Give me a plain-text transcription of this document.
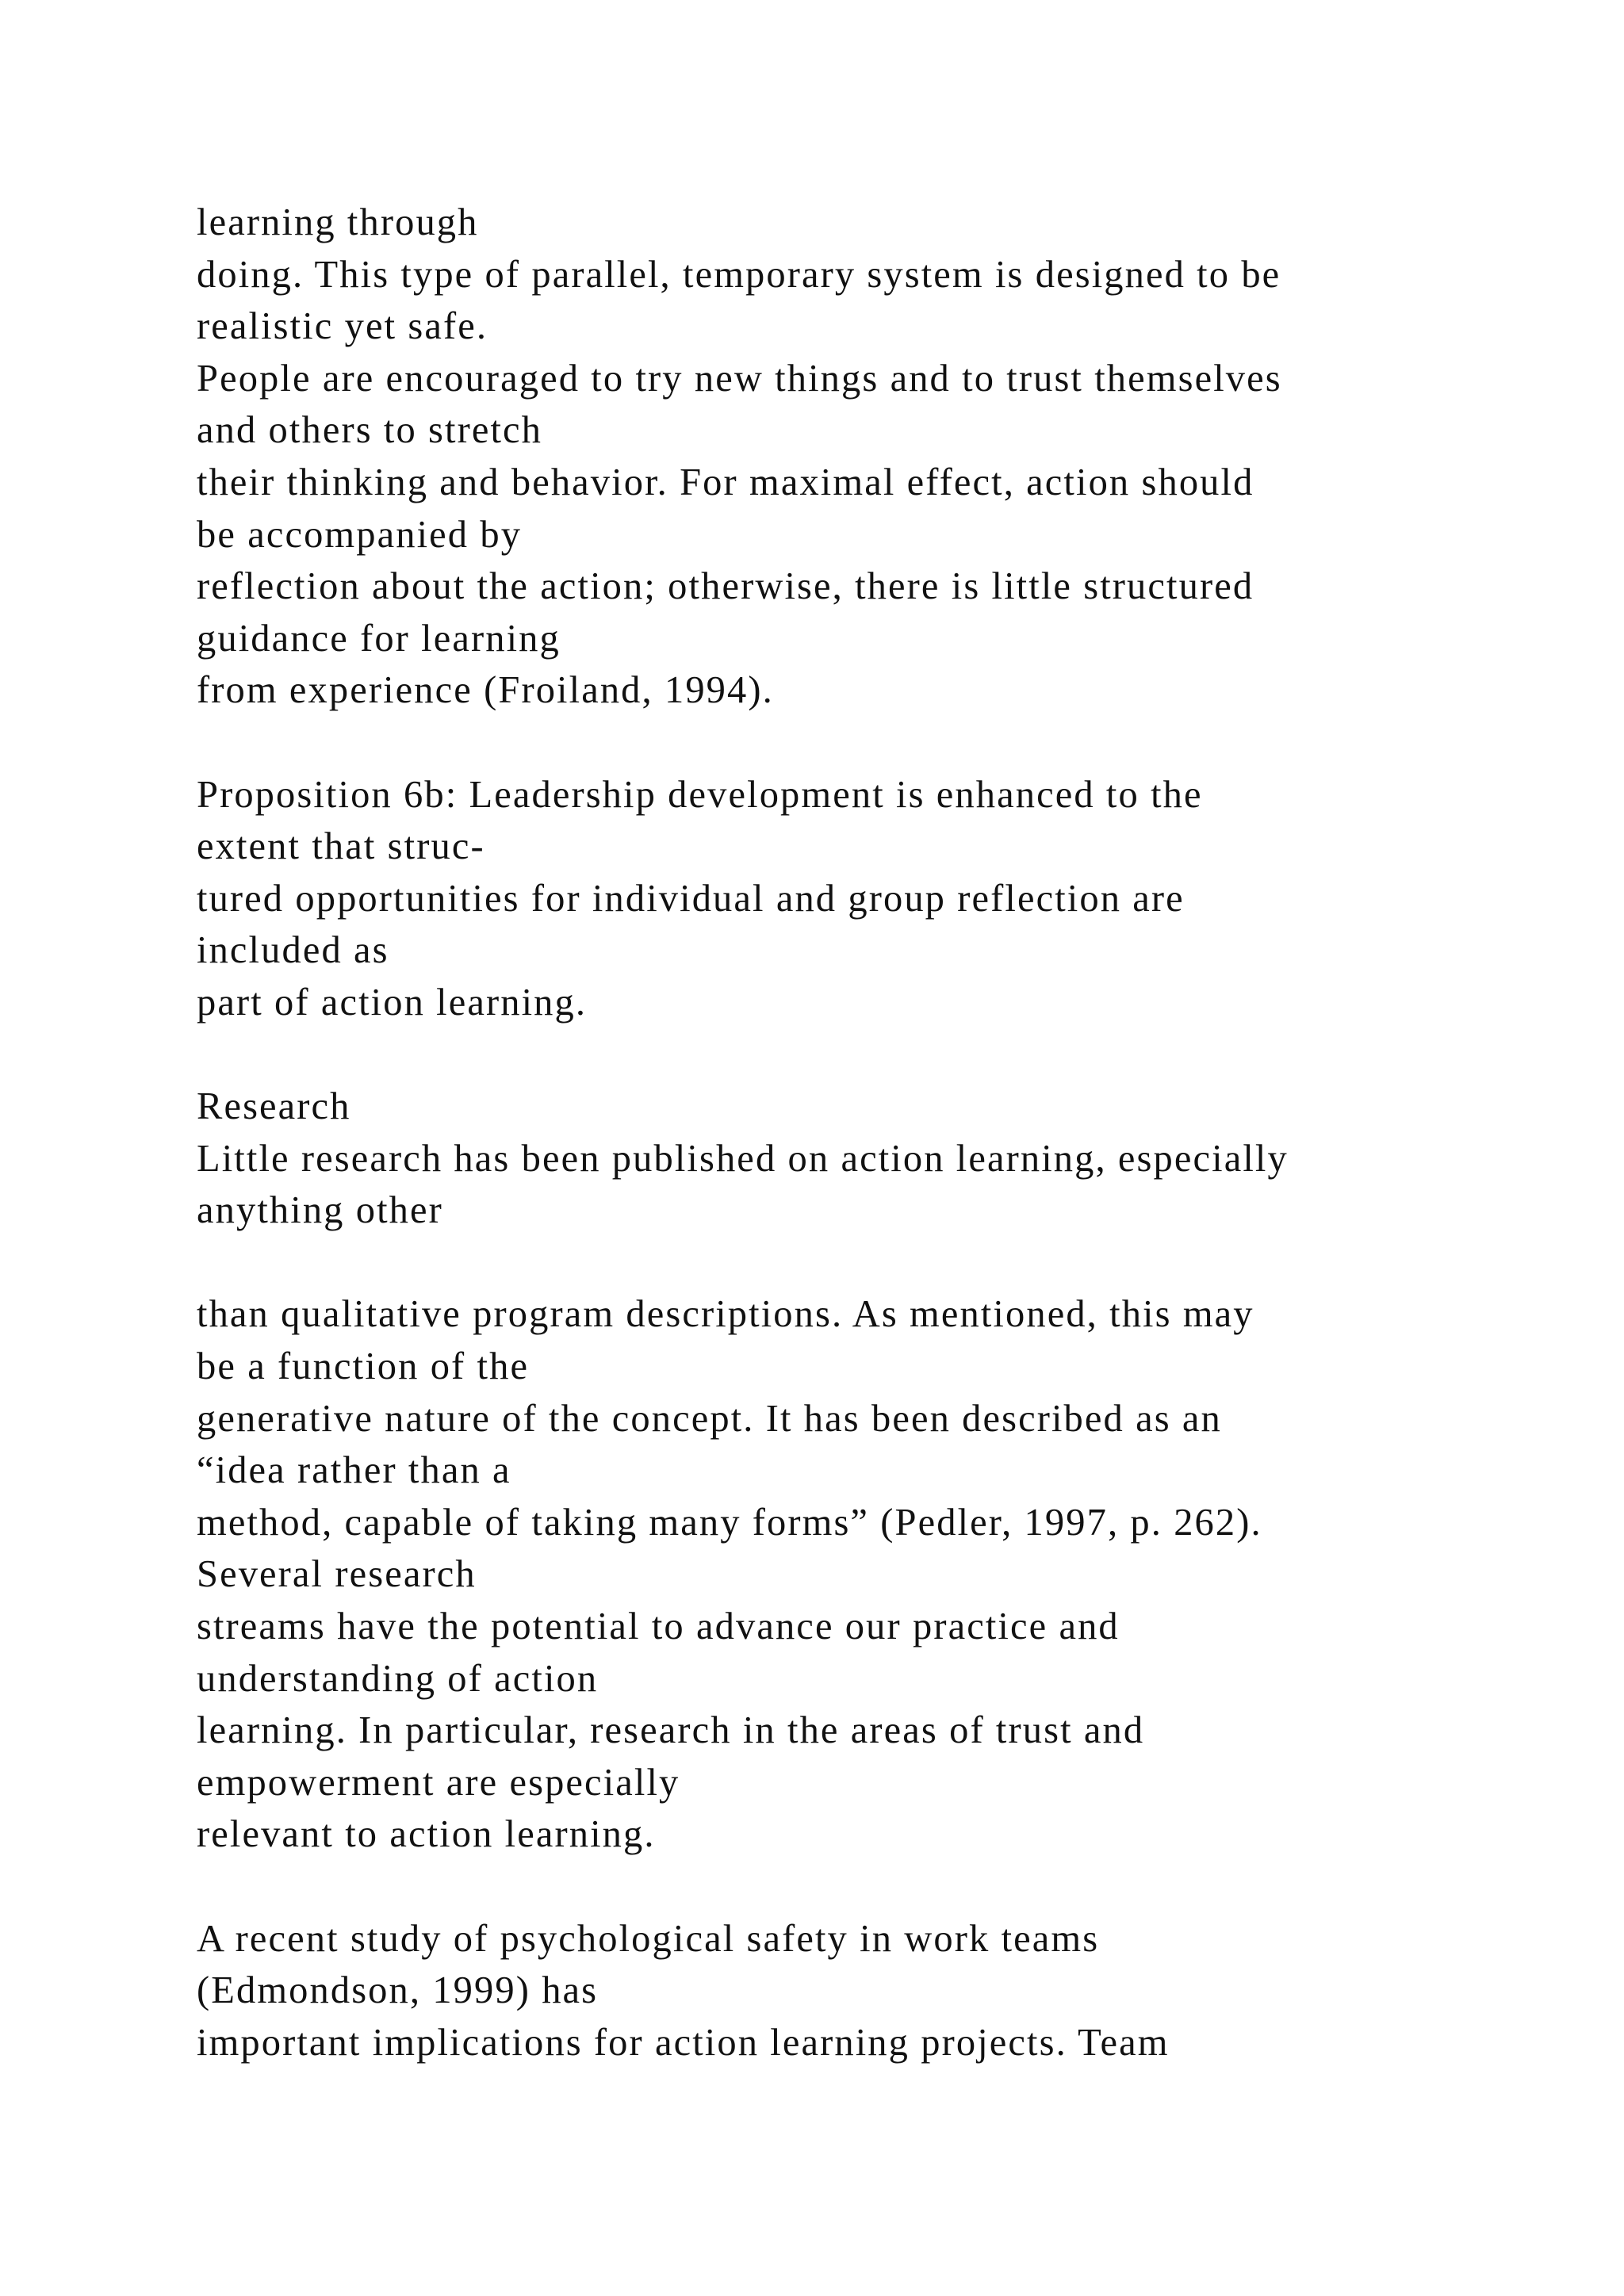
learning through
doing. This type of parallel, temporary system is designed to be
realistic yet safe.
People are encouraged to try new things and to trust themselves
and others to stretch
their thinking and behavior. For maximal effect, action should
be accompanied by
reflection about the action; otherwise, there is little structured
guidance for learning
from experience (Froiland, 1994).
Proposition 6b: Leadership development is enhanced to the
extent that struc-
tured opportunities for individual and group reflection are
included as
part of action learning.
Research
Little research has been published on action learning, especially
anything other
than qualitative program descriptions. As mentioned, this may
be a function of the
generative nature of the concept. It has been described as an
“idea rather than a
method, capable of taking many forms” (Pedler, 1997, p. 262).
Several research
streams have the potential to advance our practice and
understanding of action
learning. In particular, research in the areas of trust and
empowerment are especially
relevant to action learning.
A recent study of psychological safety in work teams
(Edmondson, 1999) has
important implications for action learning projects. Team
